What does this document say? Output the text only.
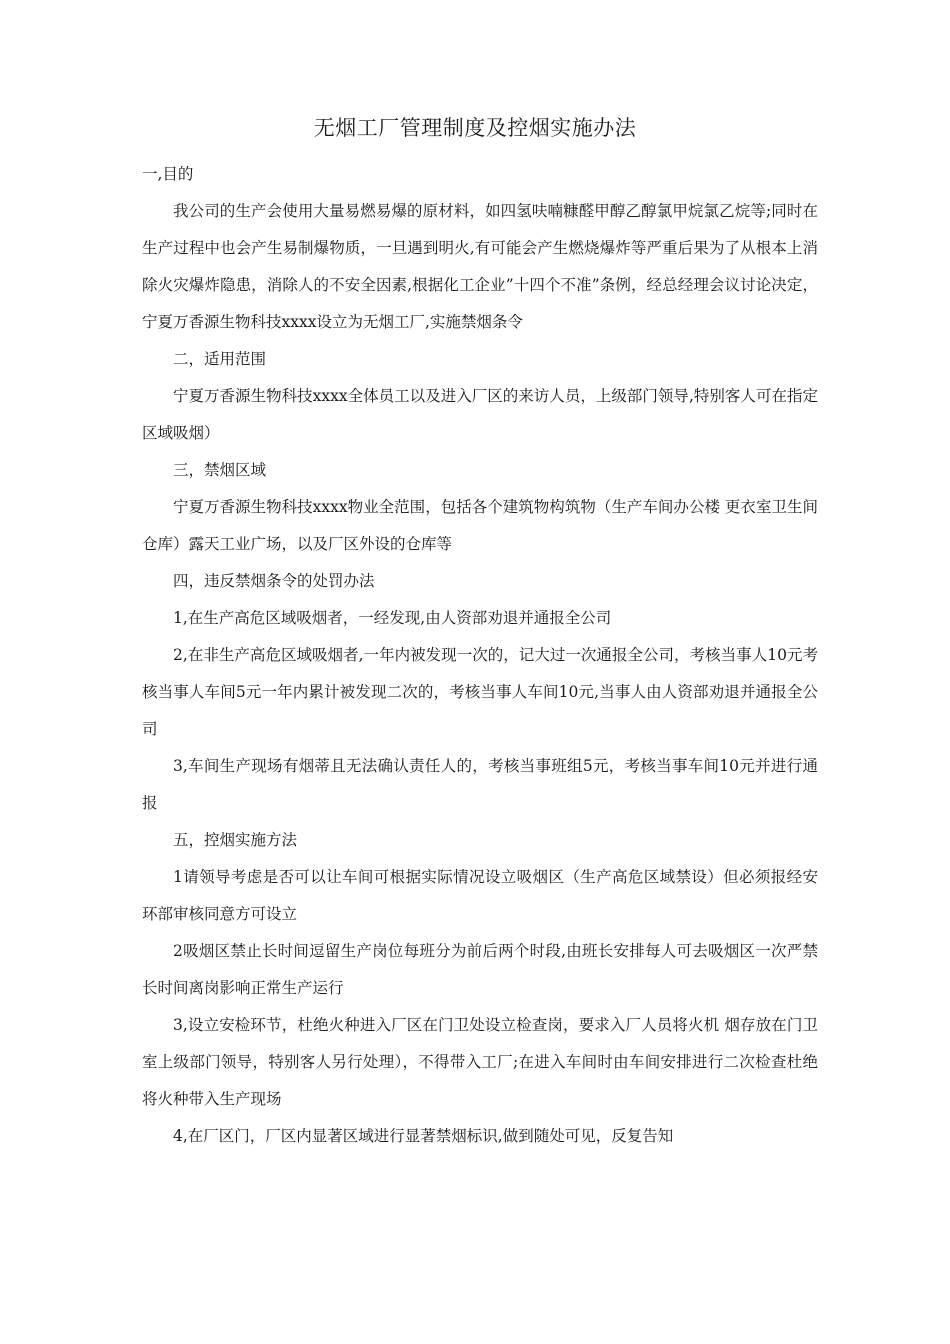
无烟工厂管理制度及控烟实施办法

一,目的

我公司的生产会使用大量易燃易爆的原材料，如四氢呋喃糠醛甲醇乙醇氯甲烷氯乙烷等;同时在生产过程中也会产生易制爆物质，一旦遇到明火,有可能会产生燃烧爆炸等严重后果为了从根本上消除火灾爆炸隐患，消除人的不安全因素,根据化工企业”十四个不准”条例，经总经理会议讨论决定，宁夏万香源生物科技xxxx设立为无烟工厂,实施禁烟条令

二，适用范围

宁夏万香源生物科技xxxx全体员工以及进入厂区的来访人员，上级部门领导,特别客人可在指定区域吸烟）

三，禁烟区域

宁夏万香源生物科技xxxx物业全范围，包括各个建筑物构筑物（生产车间办公楼 更衣室卫生间仓库）露天工业广场，以及厂区外设的仓库等

四，违反禁烟条令的处罚办法

1,在生产高危区域吸烟者，一经发现,由人资部劝退并通报全公司

2,在非生产高危区域吸烟者,一年内被发现一次的，记大过一次通报全公司，考核当事人10元考核当事人车间5元一年内累计被发现二次的，考核当事人车间10元,当事人由人资部劝退并通报全公司

3,车间生产现场有烟蒂且无法确认责任人的，考核当事班组5元，考核当事车间10元并进行通报

五，控烟实施方法

1请领导考虑是否可以让车间可根据实际情况设立吸烟区（生产高危区域禁设）但必须报经安环部审核同意方可设立

2吸烟区禁止长时间逗留生产岗位每班分为前后两个时段,由班长安排每人可去吸烟区一次严禁长时间离岗影响正常生产运行

3,设立安检环节，杜绝火种进入厂区在门卫处设立检查岗，要求入厂人员将火机 烟存放在门卫室上级部门领导，特别客人另行处理），不得带入工厂;在进入车间时由车间安排进行二次检查杜绝将火种带入生产现场

4,在厂区门，厂区内显著区域进行显著禁烟标识,做到随处可见，反复告知
